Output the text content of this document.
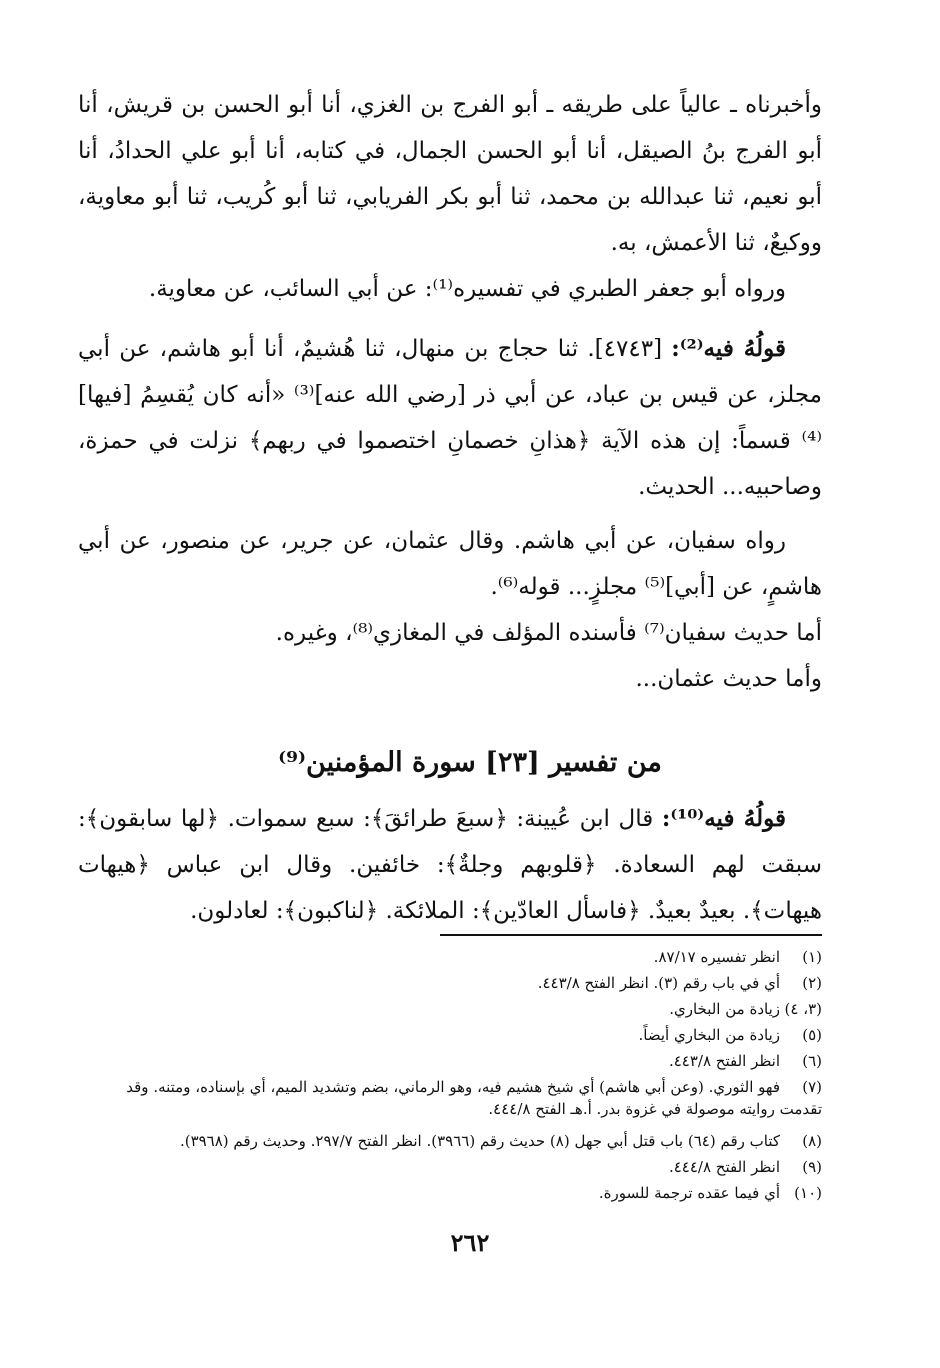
وأخبرناه ـ عالياً على طريقه ـ أبو الفرج بن الغزي، أنا أبو الحسن بن قريش، أنا أبو الفرج بنُ الصيقل، أنا أبو الحسن الجمال، في كتابه، أنا أبو علي الحدادُ، أنا أبو نعيم، ثنا عبدالله بن محمد، ثنا أبو بكر الفريابي، ثنا أبو كُريب، ثنا أبو معاوية، ووكيعٌ، ثنا الأعمش، به.

ورواه أبو جعفر الطبري في تفسيره⁽¹⁾: عن أبي السائب، عن معاوية.

قولُهُ فيه⁽²⁾: [٤٧٤٣]. ثنا حجاج بن منهال، ثنا هُشيمٌ، أنا أبو هاشم، عن أبي مجلز، عن قيس بن عباد، عن أبي ذر [رضي الله عنه]⁽³⁾ «أنه كان يُقسِمُ [فيها]⁽⁴⁾ قسماً: إن هذه الآية ﴿هذانِ خصمانِ اختصموا في ربهم﴾ نزلت في حمزة، وصاحبيه... الحديث.

رواه سفيان، عن أبي هاشم. وقال عثمان، عن جرير، عن منصور، عن أبي هاشمٍ، عن [أبي]⁽⁵⁾ مجلزٍ... قوله⁽⁶⁾.

أما حديث سفيان⁽⁷⁾ فأسنده المؤلف في المغازي⁽⁸⁾، وغيره.

وأما حديث عثمان...

من تفسير [٢٣] سورة المؤمنين⁽⁹⁾

قولُهُ فيه⁽¹⁰⁾: قال ابن عُيينة: ﴿سبعَ طرائقَ﴾: سبع سموات. ﴿لها سابقون﴾: سبقت لهم السعادة. ﴿قلوبهم وجلةٌ﴾: خائفين. وقال ابن عباس ﴿هيهات هيهات﴾. بعيدٌ بعيدٌ. ﴿فاسأل العادّين﴾: الملائكة. ﴿لناكبون﴾: لعادلون.

(١)انظر تفسيره ٨٧/١٧.

(٢)أي في باب رقم (٣). انظر الفتح ٤٤٣/٨.

(٣، ٤)زيادة من البخاري.

(٥)زيادة من البخاري أيضاً.

(٦)انظر الفتح ٤٤٣/٨.

(٧)فهو الثوري. (وعن أبي هاشم) أي شيخ هشيم فيه، وهو الرماني، بضم وتشديد الميم، أي بإسناده، ومتنه. وقد تقدمت روايته موصولة في غزوة بدر. أ.هـ الفتح ٤٤٤/٨.

(٨)كتاب رقم (٦٤) باب قتل أبي جهل (٨) حديث رقم (٣٩٦٦). انظر الفتح ٢٩٧/٧. وحديث رقم (٣٩٦٨).

(٩)انظر الفتح ٤٤٤/٨.

(١٠)أي فيما عقده ترجمة للسورة.

٢٦٢
